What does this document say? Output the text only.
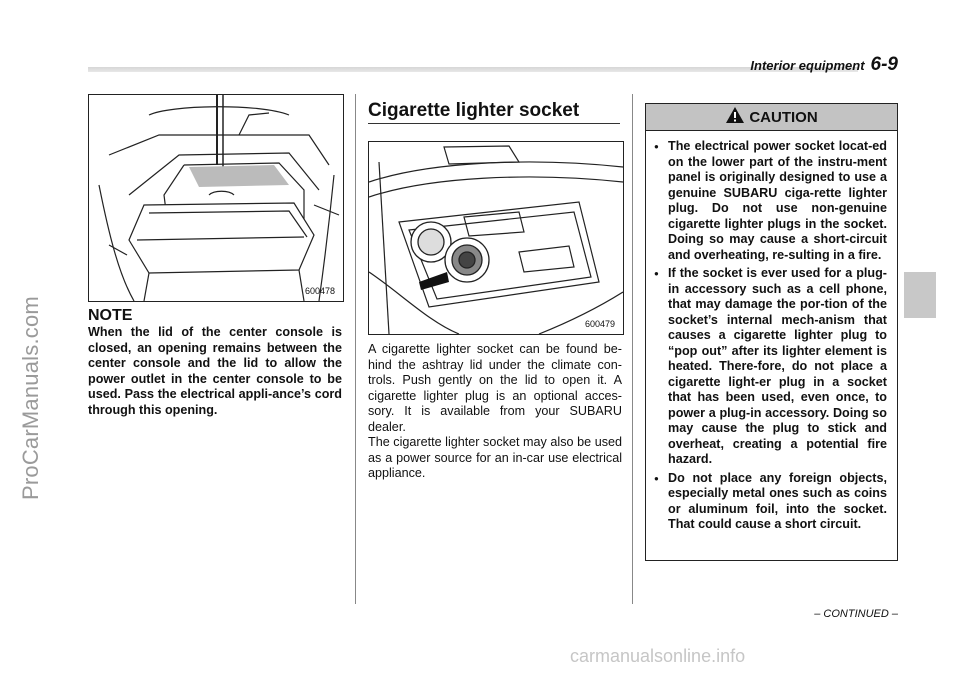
ProCarManuals.com
carmanualsonline.info
Interior equipment 6-9
600478
NOTE
When the lid of the center console is closed, an opening remains between the center console and the lid to allow the power outlet in the center console to be used. Pass the electrical appli-ance’s cord through this opening.
Cigarette lighter socket
600479

A cigarette lighter socket can be found be-hind the ashtray lid under the climate con-trols. Push gently on the lid to open it. A cigarette lighter plug is an optional acces-sory. It is available from your SUBARU dealer.

The cigarette lighter socket may also be used as a power source for an in-car use electrical appliance.

CAUTION
● The electrical power socket locat-ed on the lower part of the instru-ment panel is originally designed to use a genuine SUBARU ciga-rette lighter plug. Do not use non-genuine cigarette lighter plugs in the socket. Doing so may cause a short-circuit and overheating, re-sulting in a fire.
● If the socket is ever used for a plug-in accessory such as a cell phone, that may damage the por-tion of the socket’s internal mech-anism that causes a cigarette lighter plug to “pop out” after its lighter element is heated. There-fore, do not place a cigarette light-er plug in a socket that has been used, even once, to power a plug-in accessory. Doing so may cause the plug to stick and overheat, creating a potential fire hazard.
● Do not place any foreign objects, especially metal ones such as coins or aluminum foil, into the socket. That could cause a short circuit.
– CONTINUED –
